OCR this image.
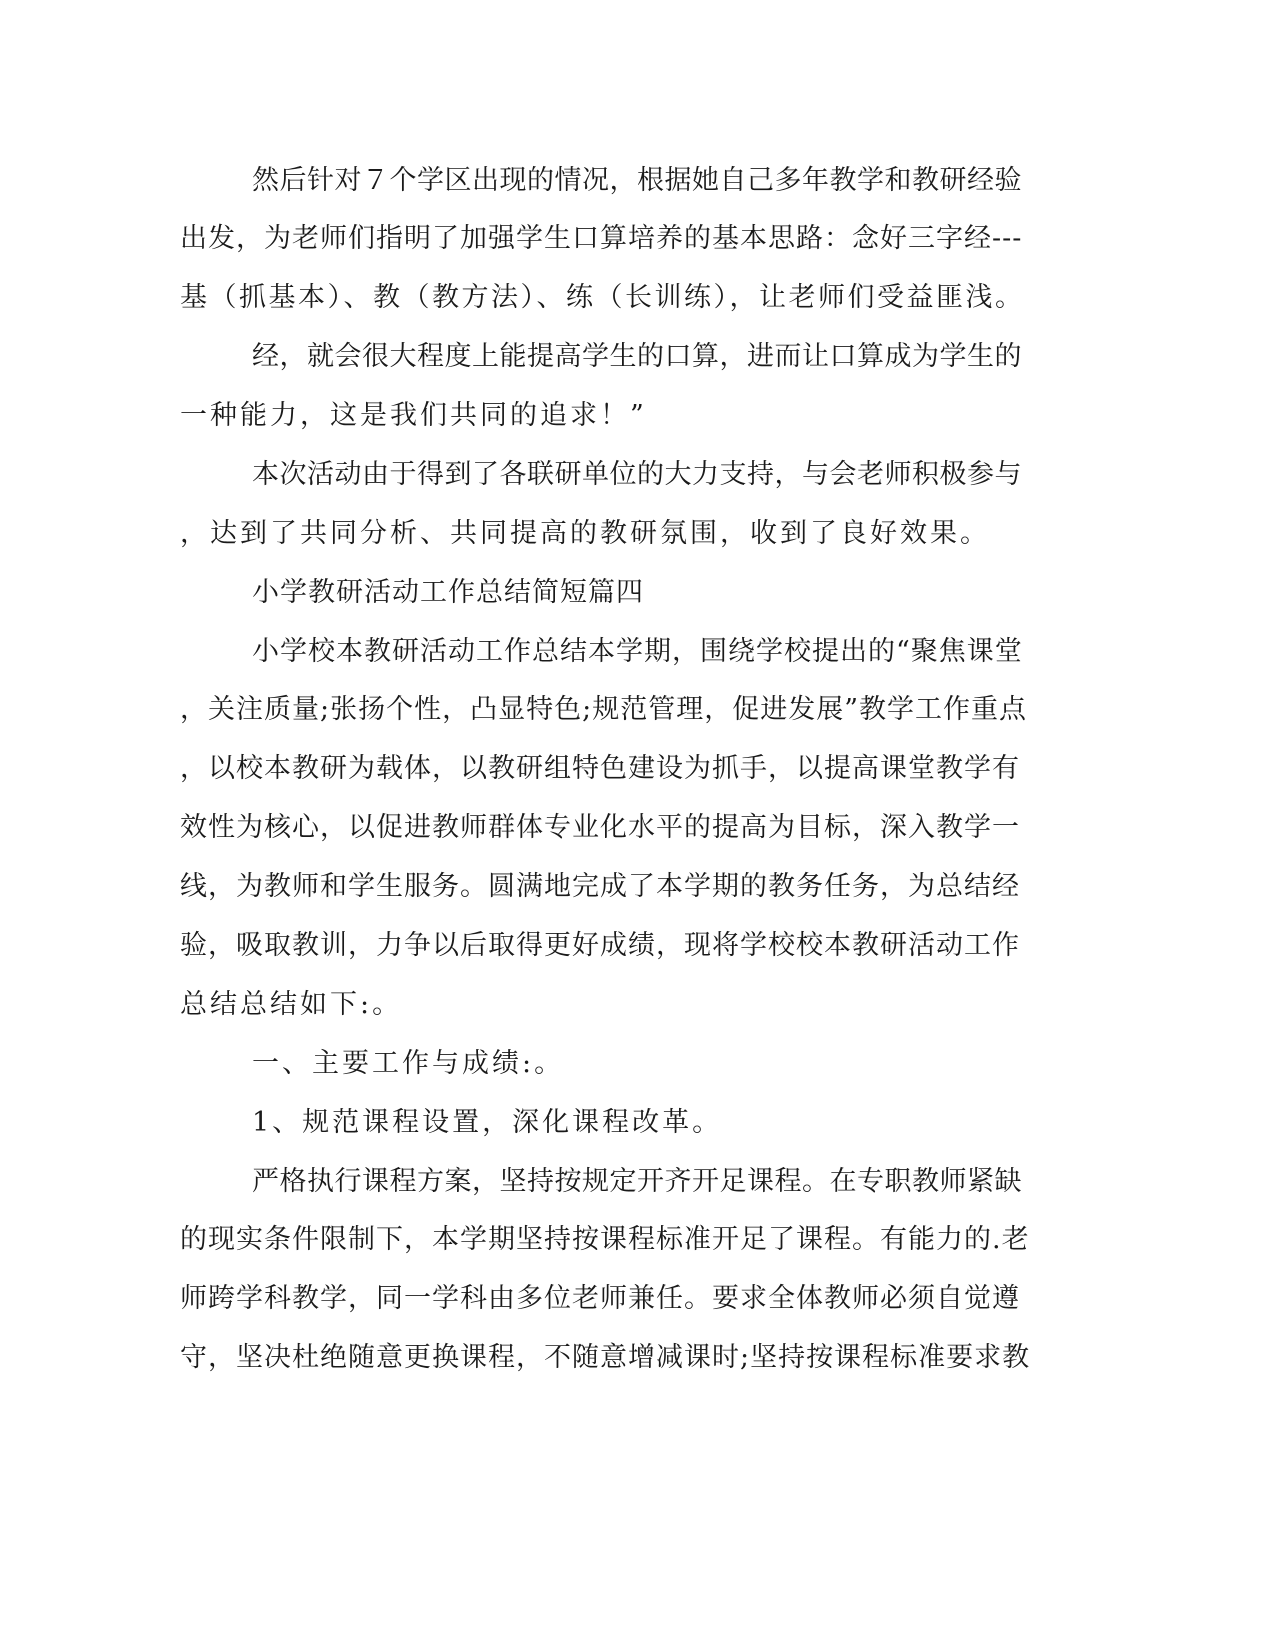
然后针对７个学区出现的情况，根据她自己多年教学和教研经验
出发，为老师们指明了加强学生口算培养的基本思路：念好三字经---
基（抓基本）、教（教方法）、练（长训练），让老师们受益匪浅。
经，就会很大程度上能提高学生的口算，进而让口算成为学生的
一种能力，这是我们共同的追求！”
本次活动由于得到了各联研单位的大力支持，与会老师积极参与
，达到了共同分析、共同提高的教研氛围，收到了良好效果。
小学教研活动工作总结简短篇四
小学校本教研活动工作总结本学期，围绕学校提出的“聚焦课堂
，关注质量;张扬个性，凸显特色;规范管理，促进发展”教学工作重点
，以校本教研为载体，以教研组特色建设为抓手，以提高课堂教学有
效性为核心，以促进教师群体专业化水平的提高为目标，深入教学一
线，为教师和学生服务。圆满地完成了本学期的教务任务，为总结经
验，吸取教训，力争以后取得更好成绩，现将学校校本教研活动工作
总结总结如下:。
一、主要工作与成绩:。
1、规范课程设置，深化课程改革。
严格执行课程方案，坚持按规定开齐开足课程。在专职教师紧缺
的现实条件限制下，本学期坚持按课程标准开足了课程。有能力的.老
师跨学科教学，同一学科由多位老师兼任。要求全体教师必须自觉遵
守，坚决杜绝随意更换课程，不随意增减课时;坚持按课程标准要求教
